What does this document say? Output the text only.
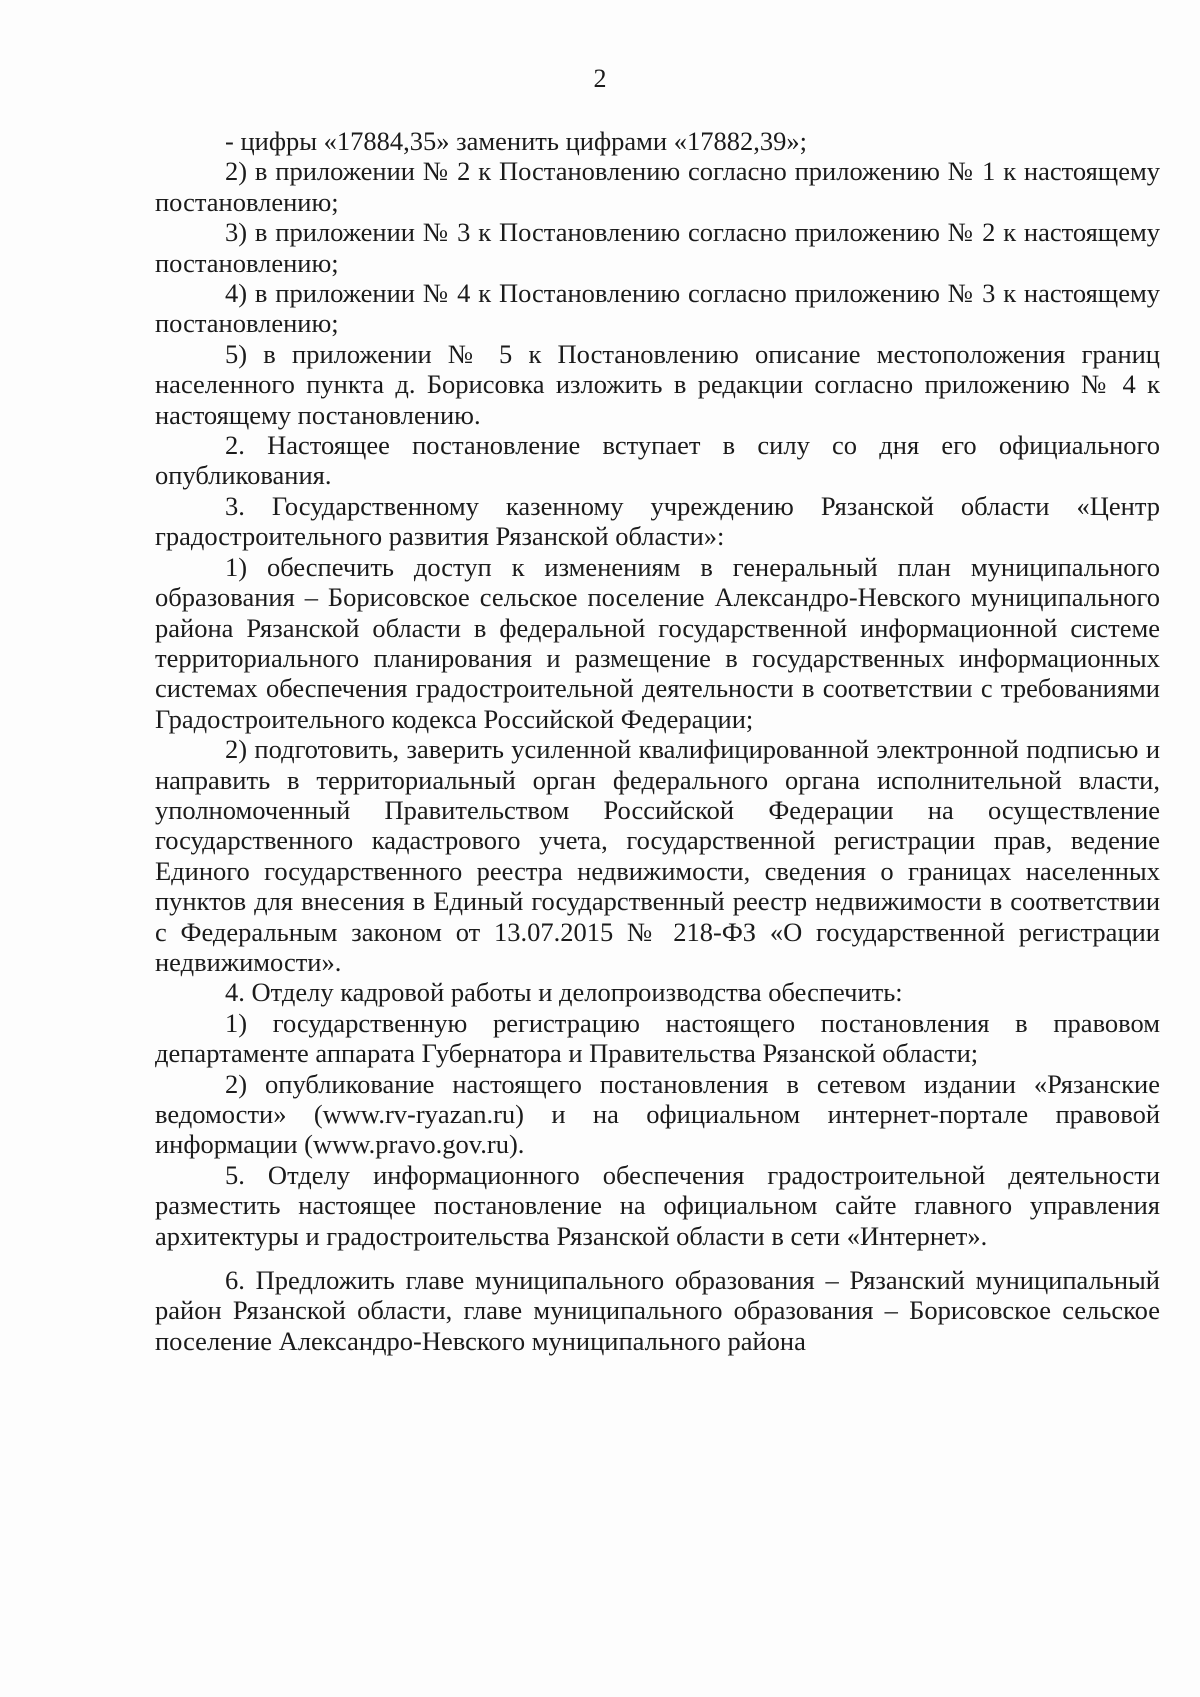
2

- цифры «17884,35» заменить цифрами «17882,39»;

2) в приложении № 2 к Постановлению согласно приложению № 1 к настоящему постановлению;

3) в приложении № 3 к Постановлению согласно приложению № 2 к настоящему постановлению;

4) в приложении № 4 к Постановлению согласно приложению № 3 к настоящему постановлению;

5) в приложении № 5 к Постановлению описание местоположения границ населенного пункта д. Борисовка изложить в редакции согласно приложению № 4 к настоящему постановлению.

2. Настоящее постановление вступает в силу со дня его официального опубликования.

3. Государственному казенному учреждению Рязанской области «Центр градостроительного развития Рязанской области»:

1) обеспечить доступ к изменениям в генеральный план муниципального образования – Борисовское сельское поселение Александро-Невского муниципального района Рязанской области в федеральной государственной информационной системе территориального планирования и размещение в государственных информационных системах обеспечения градостроительной деятельности в соответствии с требованиями Градостроительного кодекса Российской Федерации;

2) подготовить, заверить усиленной квалифицированной электронной подписью и направить в территориальный орган федерального органа исполнительной власти, уполномоченный Правительством Российской Федерации на осуществление государственного кадастрового учета, государственной регистрации прав, ведение Единого государственного реестра недвижимости, сведения о границах населенных пунктов для внесения в Единый государственный реестр недвижимости в соответствии с Федеральным законом от 13.07.2015 № 218-ФЗ «О государственной регистрации недвижимости».

4. Отделу кадровой работы и делопроизводства обеспечить:

1) государственную регистрацию настоящего постановления в правовом департаменте аппарата Губернатора и Правительства Рязанской области;

2) опубликование настоящего постановления в сетевом издании «Рязанские ведомости» (www.rv-ryazan.ru) и на официальном интернет-портале правовой информации (www.pravo.gov.ru).

5. Отделу информационного обеспечения градостроительной деятельности разместить настоящее постановление на официальном сайте главного управления архитектуры и градостроительства Рязанской области в сети «Интернет».

6. Предложить главе муниципального образования – Рязанский муниципальный район Рязанской области, главе муниципального образования – Борисовское сельское поселение Александро-Невского муниципального района
